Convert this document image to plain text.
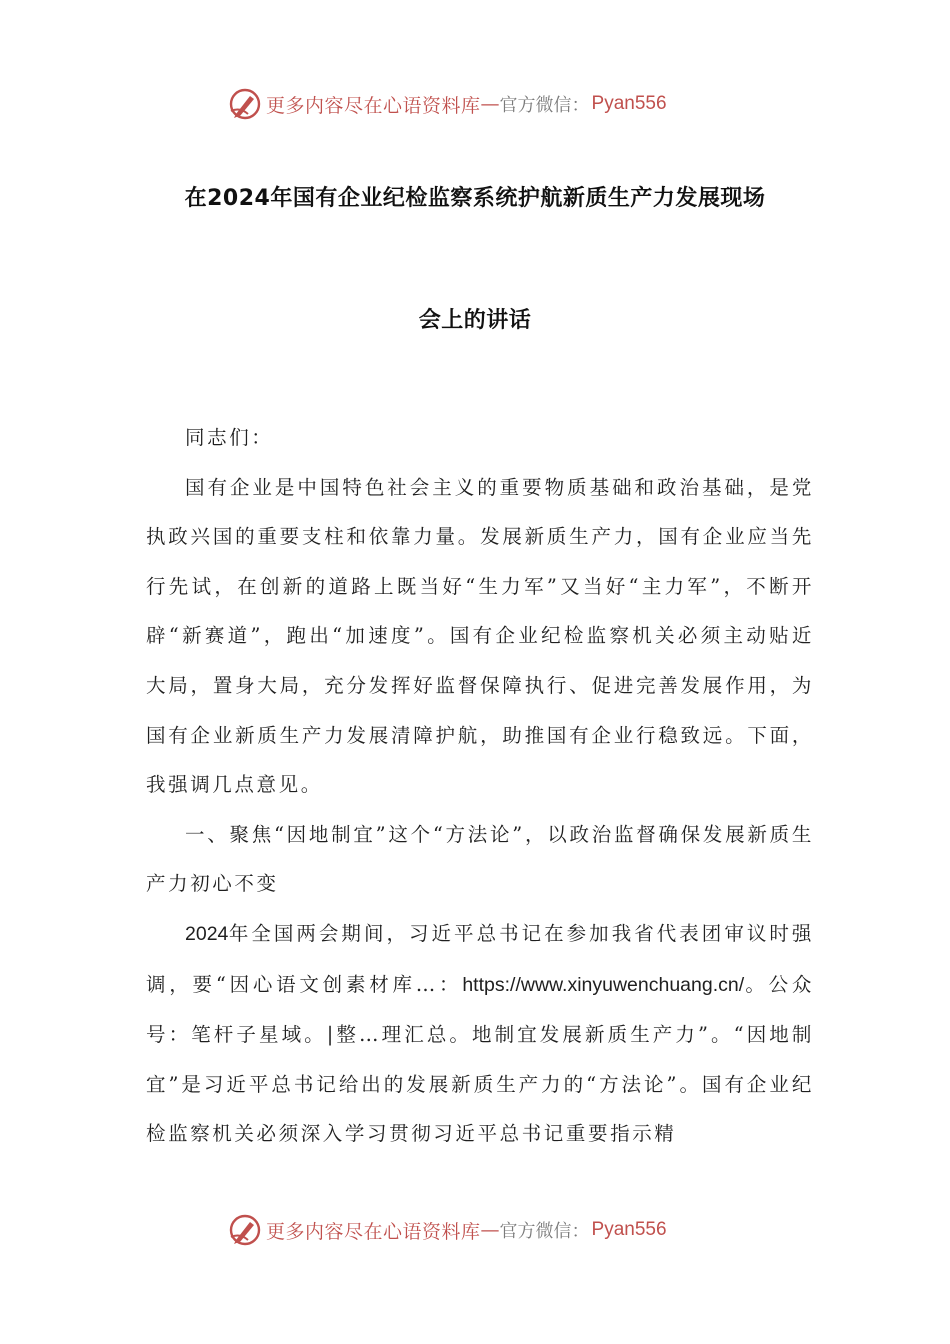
更多内容尽在心语资料库 — 官方微信： Pyan556
在2024年国有企业纪检监察系统护航新质生产力发展现场
会上的讲话

同志们：

国有企业是中国特色社会主义的重要物质基础和政治基础，是党执政兴国的重要支柱和依靠力量。发展新质生产力，国有企业应当先行先试，在创新的道路上既当好“生力军”又当好“主力军”，不断开辟“新赛道”，跑出“加速度”。国有企业纪检监察机关必须主动贴近大局，置身大局，充分发挥好监督保障执行、促进完善发展作用，为国有企业新质生产力发展清障护航，助推国有企业行稳致远。下面，我强调几点意见。

一、聚焦“因地制宜”这个“方法论”，以政治监督确保发展新质生产力初心不变

2024年全国两会期间，习近平总书记在参加我省代表团审议时强调，要“因心语文创素材库…：https://www.xinyuwenchuang.cn/。公众号：笔杆子星域。|整…理汇总。地制宜发展新质生产力”。“因地制宜”是习近平总书记给出的发展新质生产力的“方法论”。国有企业纪检监察机关必须深入学习贯彻习近平总书记重要指示精

更多内容尽在心语资料库 — 官方微信： Pyan556
